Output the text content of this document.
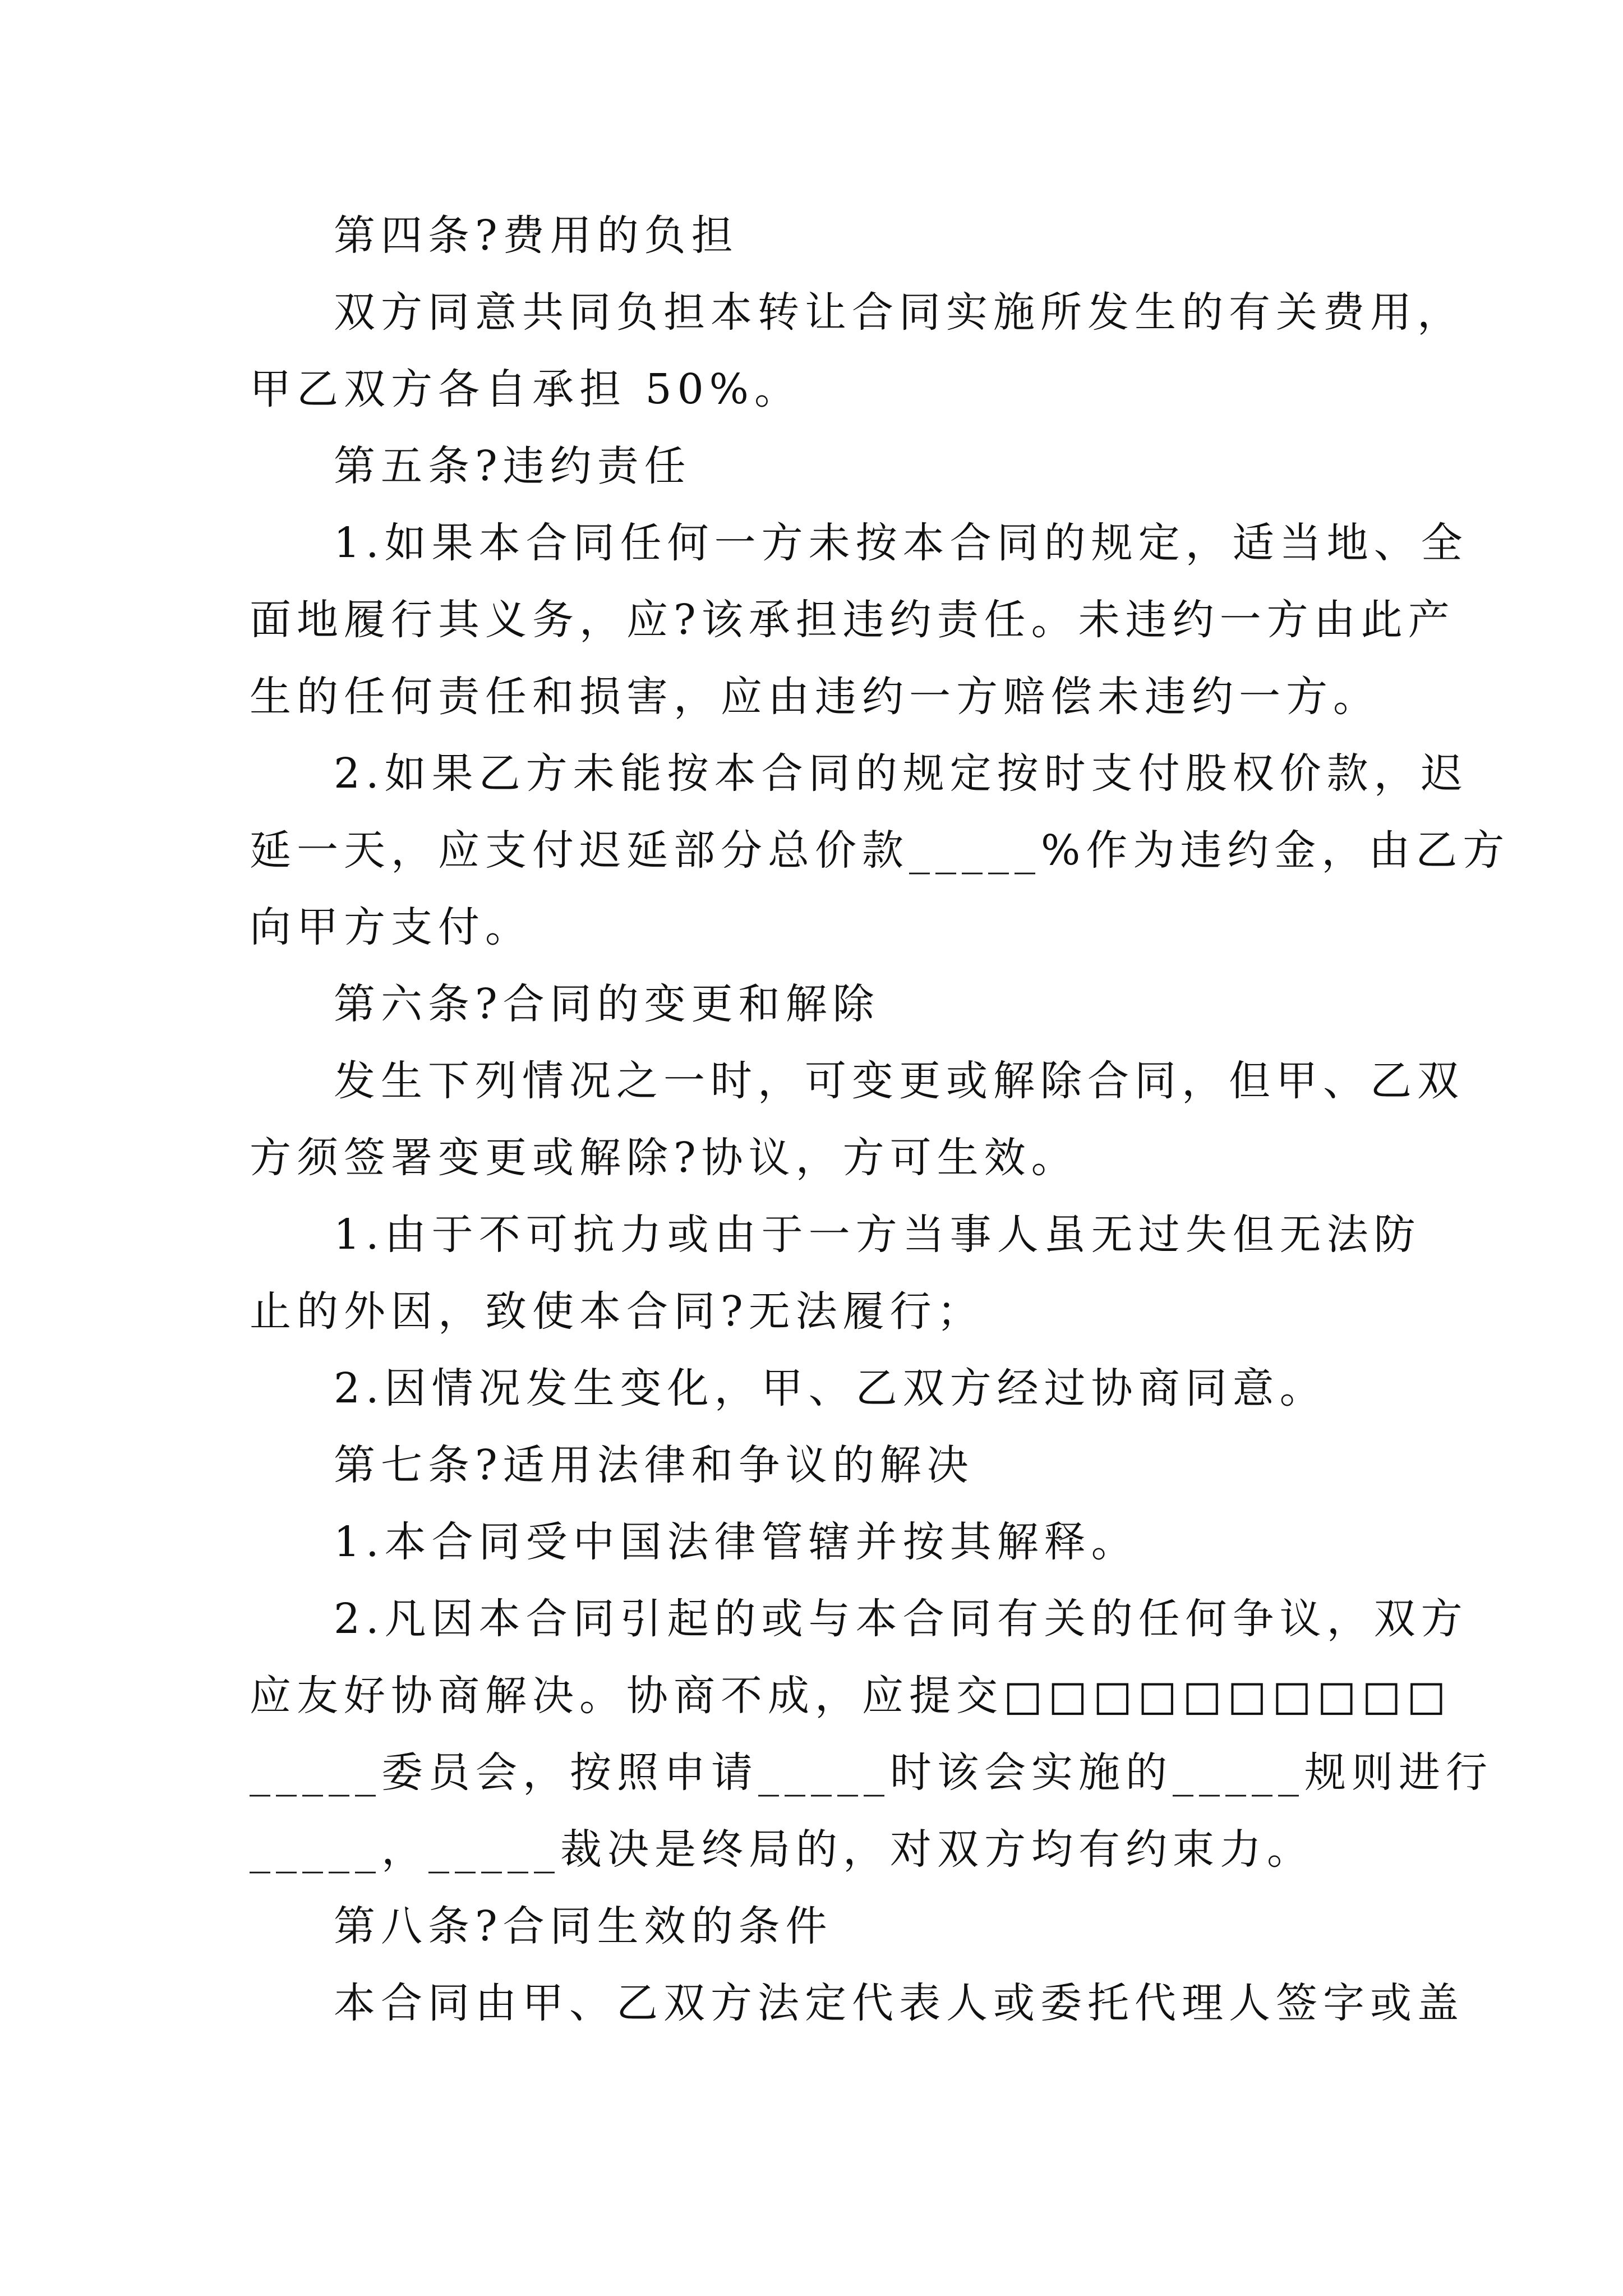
第四条?费用的负担
双方同意共同负担本转让合同实施所发生的有关费用，
甲乙双方各自承担 50%。
第五条?违约责任
1.如果本合同任何一方未按本合同的规定，适当地、全
面地履行其义务，应?该承担违约责任。未违约一方由此产
生的任何责任和损害，应由违约一方赔偿未违约一方。
2.如果乙方未能按本合同的规定按时支付股权价款，迟
延一天，应支付迟延部分总价款_____%作为违约金，由乙方
向甲方支付。
第六条?合同的变更和解除
发生下列情况之一时，可变更或解除合同，但甲、乙双
方须签署变更或解除?协议，方可生效。
1.由于不可抗力或由于一方当事人虽无过失但无法防
止的外因，致使本合同?无法履行；
2.因情况发生变化，甲、乙双方经过协商同意。
第七条?适用法律和争议的解决
1.本合同受中国法律管辖并按其解释。
2.凡因本合同引起的或与本合同有关的任何争议，双方
应友好协商解决。协商不成，应提交□□□□□□□□□□
_____委员会，按照申请_____时该会实施的_____规则进行
_____，_____裁决是终局的，对双方均有约束力。
第八条?合同生效的条件
本合同由甲、乙双方法定代表人或委托代理人签字或盖
